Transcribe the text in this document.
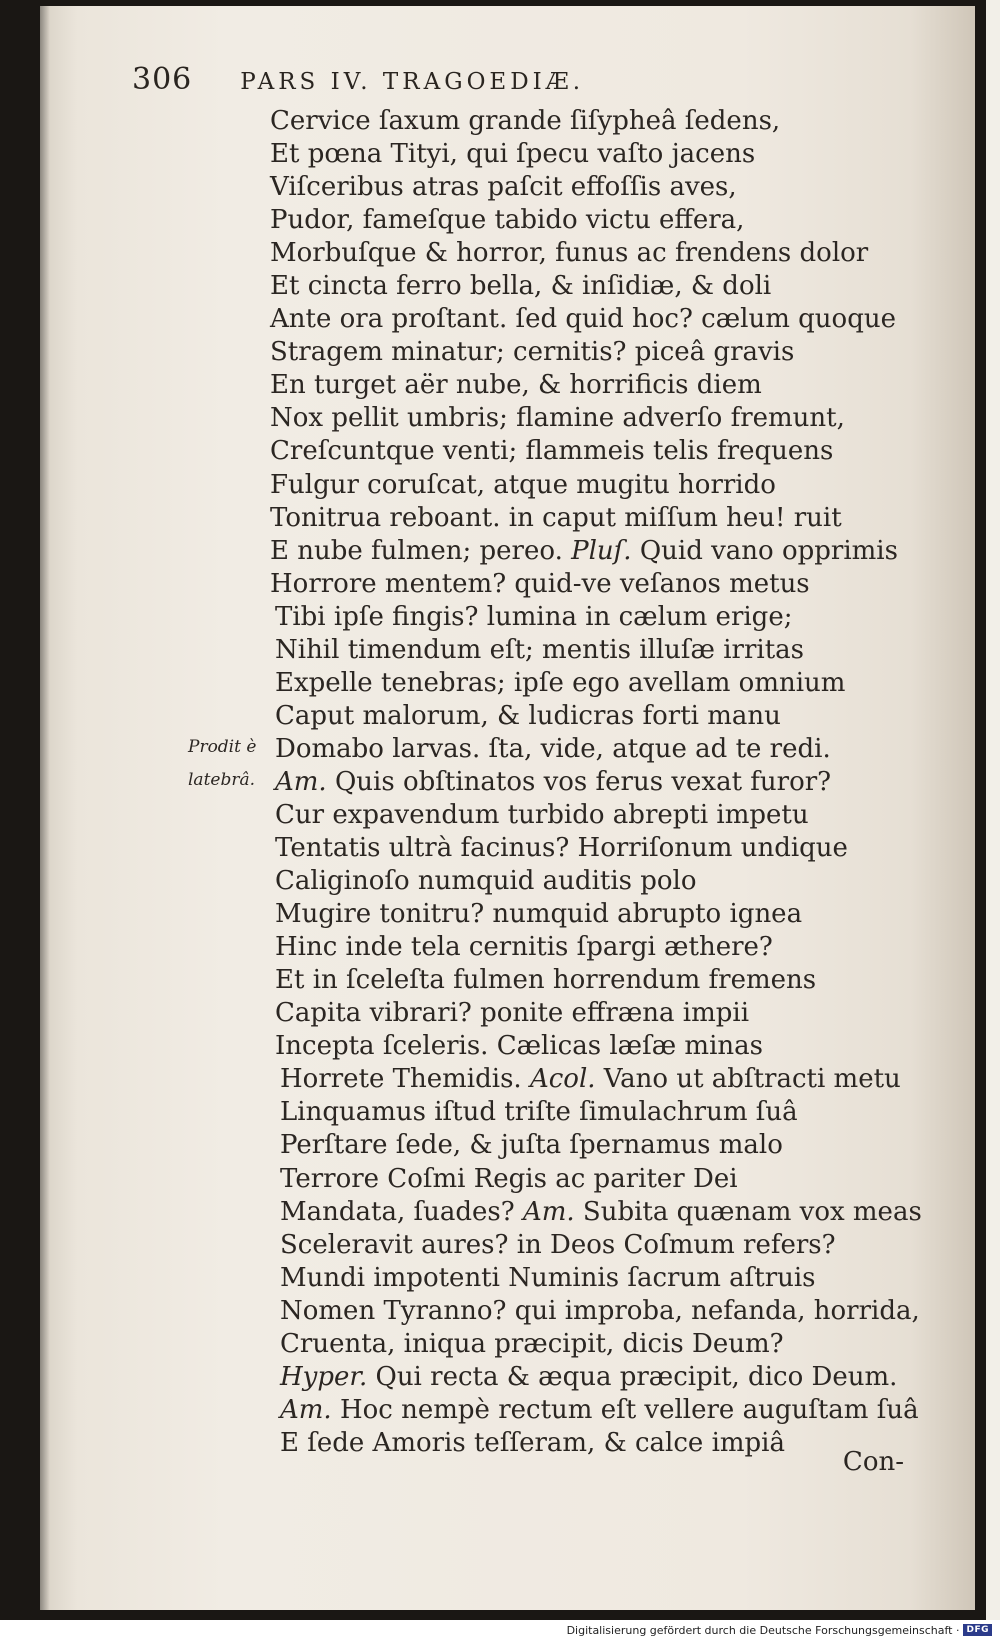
306 PARS IV. TRAGOEDIÆ.
Prodit è
latebrâ.
Cervice ſaxum grande ſiſypheâ ſedens,
Et pœna Tityi, qui ſpecu vaſto jacens
Viſceribus atras paſcit effoſſis aves,
Pudor, fameſque tabido victu efferа,
Morbuſque & horror, funus ac frendens dolor
Et cincta ferro bella, & inſidiæ, & doli
Ante ora proſtant. ſed quid hoc? cælum quoque
Stragem minatur; cernitis? piceâ gravis
En turget aër nube, & horrificis diem
Nox pellit umbris; flamine adverſo fremunt,
Creſcuntque venti; flammeis telis frequens
Fulgur coruſcat, atque mugitu horrido
Tonitrua reboant. in caput miſſum heu! ruit
E nube fulmen; pereo. Pluſ. Quid vano opprimis
Horrore mentem? quid-ve veſanos metus
Tibi ipſe fingis? lumina in cælum erige;
Nihil timendum eſt; mentis illuſæ irritas
Expelle tenebras; ipſe ego avellam omnium
Caput malorum, & ludicras forti manu
Domabo larvas. ſta, vide, atque ad te redi.
Am. Quis obſtinatos vos ferus vexat furor?
Cur expavendum turbido abrepti impetu
Tentatis ultrà facinus? Horriſonum undique
Caliginoſo numquid auditis polo
Mugire tonitru? numquid abrupto ignea
Hinc inde tela cernitis ſpargi æthere?
Et in ſceleſta fulmen horrendum fremens
Capita vibrari? ponite effræna impii
Incepta ſceleris. Cælicas læſæ minas
Horrete Themidis. Acol. Vano ut abſtracti metu
Linquamus iſtud triſte ſimulachrum ſuâ
Perſtare ſede, & juſta ſpernamus malo
Terrore Coſmi Regis ac pariter Dei
Mandata, ſuades? Am. Subita quænam vox meas
Sceleravit aures? in Deos Coſmum refers?
Mundi impotenti Numinis ſacrum aſtruis
Nomen Tyranno? qui improba, nefanda, horrida,
Cruenta, iniqua præcipit, dicis Deum?
Hyper. Qui recta & æqua præcipit, dico Deum.
Am. Hoc nempè rectum eſt vellere auguſtam ſuâ
E ſede Amoris teſſeram, & calce impiâ
Con-
Digitalisierung gefördert durch die Deutsche Forschungsgemeinschaft · DFG
